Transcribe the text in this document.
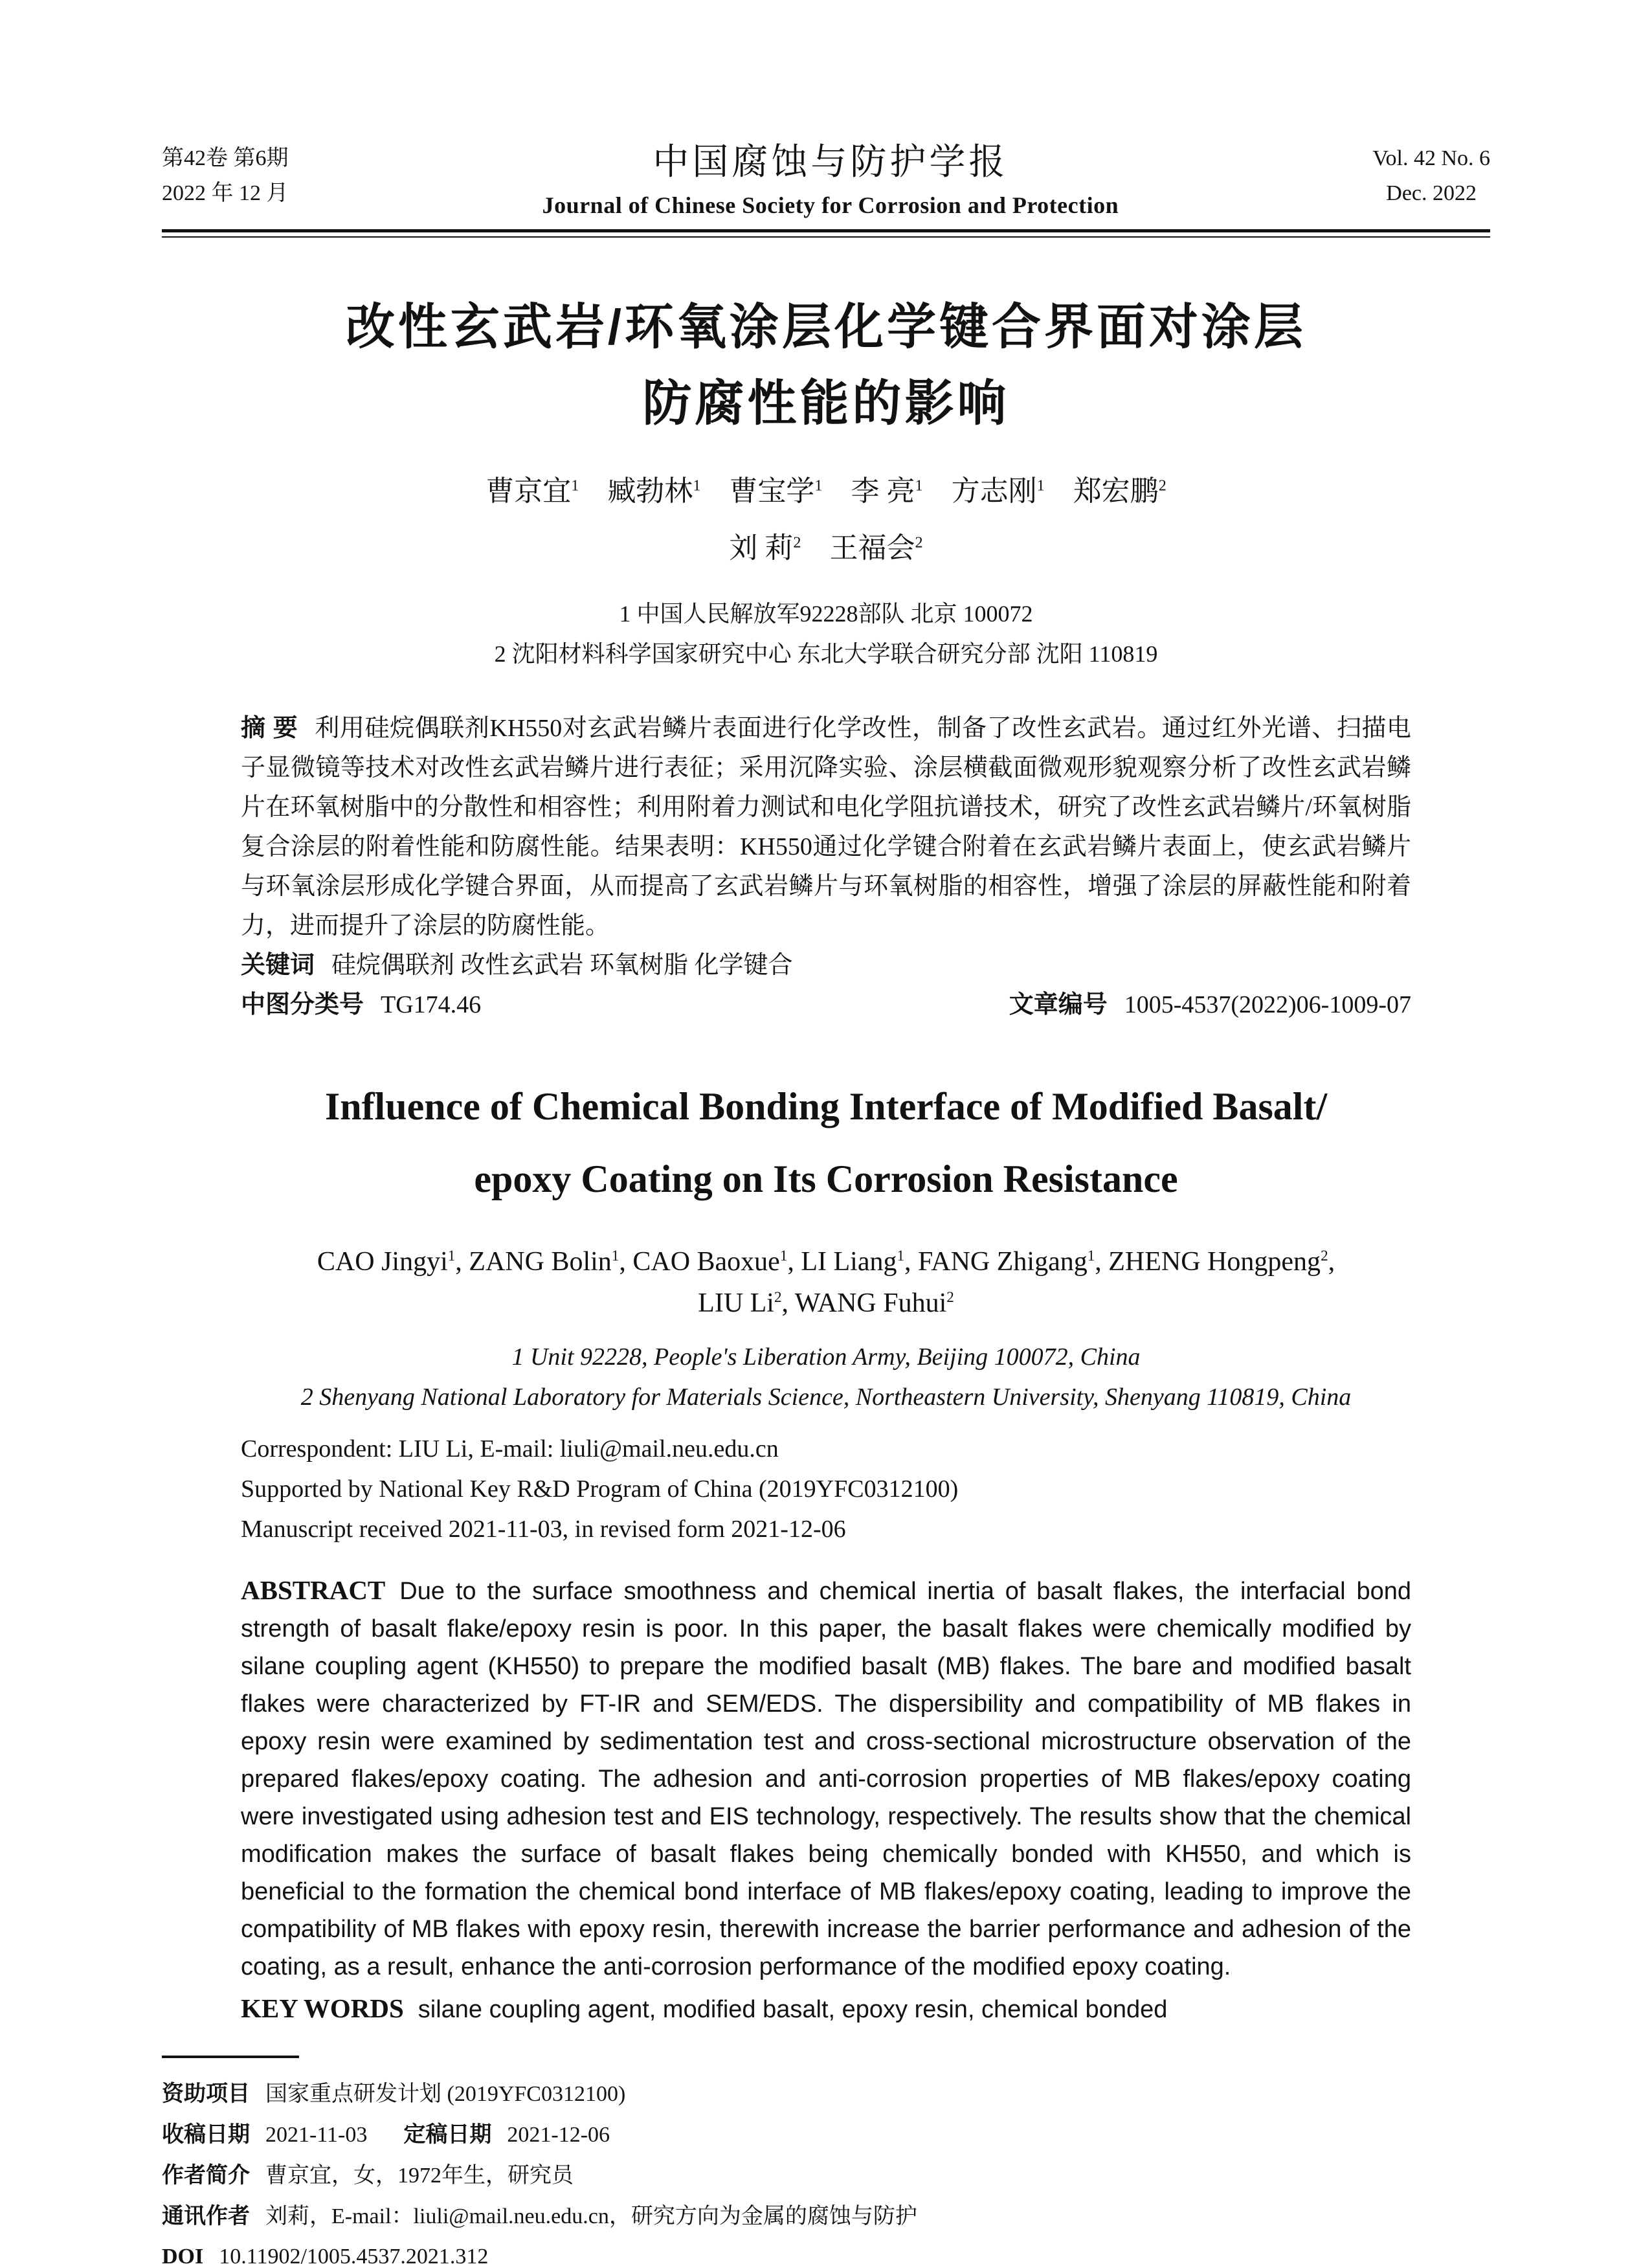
第42卷 第6期
2022 年 12 月
中国腐蚀与防护学报
Journal of Chinese Society for Corrosion and Protection
Vol. 42 No. 6
Dec. 2022
改性玄武岩/环氧涂层化学键合界面对涂层
防腐性能的影响
曹京宜$^1$ 臧勃林$^1$ 曹宝学$^1$ 李 亮$^1$ 方志刚$^1$ 郑宏鹏$^2$
刘 莉$^2$ 王福会$^2$
1 中国人民解放军92228部队 北京 100072
2 沈阳材料科学国家研究中心 东北大学联合研究分部 沈阳 110819
摘 要 利用硅烷偶联剂KH550对玄武岩鳞片表面进行化学改性，制备了改性玄武岩。通过红外光谱、扫描电子显微镜等技术对改性玄武岩鳞片进行表征；采用沉降实验、涂层横截面微观形貌观察分析了改性玄武岩鳞片在环氧树脂中的分散性和相容性；利用附着力测试和电化学阻抗谱技术，研究了改性玄武岩鳞片/环氧树脂复合涂层的附着性能和防腐性能。结果表明：KH550通过化学键合附着在玄武岩鳞片表面上，使玄武岩鳞片与环氧涂层形成化学键合界面，从而提高了玄武岩鳞片与环氧树脂的相容性，增强了涂层的屏蔽性能和附着力，进而提升了涂层的防腐性能。
关键词 硅烷偶联剂 改性玄武岩 环氧树脂 化学键合
中图分类号 TG174.46	文章编号 1005-4537(2022)06-1009-07
Influence of Chemical Bonding Interface of Modified Basalt/
epoxy Coating on Its Corrosion Resistance
CAO Jingyi$^1$, ZANG Bolin$^1$, CAO Baoxue$^1$, LI Liang$^1$, FANG Zhigang$^1$, ZHENG Hongpeng$^2$,
LIU Li$^2$, WANG Fuhui$^2$
1 Unit 92228, People's Liberation Army, Beijing 100072, China
2 Shenyang National Laboratory for Materials Science, Northeastern University, Shenyang 110819, China
Correspondent: LIU Li, E-mail: liuli@mail.neu.edu.cn
Supported by National Key R&D Program of China (2019YFC0312100)
Manuscript received 2021-11-03, in revised form 2021-12-06
ABSTRACT Due to the surface smoothness and chemical inertia of basalt flakes, the interfacial bond strength of basalt flake/epoxy resin is poor. In this paper, the basalt flakes were chemically modified by silane coupling agent (KH550) to prepare the modified basalt (MB) flakes. The bare and modified basalt flakes were characterized by FT-IR and SEM/EDS. The dispersibility and compatibility of MB flakes in epoxy resin were examined by sedimentation test and cross-sectional microstructure observation of the prepared flakes/epoxy coating. The adhesion and anti-corrosion properties of MB flakes/epoxy coating were investigated using adhesion test and EIS technology, respectively. The results show that the chemical modification makes the surface of basalt flakes being chemically bonded with KH550, and which is beneficial to the formation the chemical bond interface of MB flakes/epoxy coating, leading to improve the compatibility of MB flakes with epoxy resin, therewith increase the barrier performance and adhesion of the coating, as a result, enhance the anti-corrosion performance of the modified epoxy coating.
KEY WORDS silane coupling agent, modified basalt, epoxy resin, chemical bonded
资助项目 国家重点研发计划 (2019YFC0312100)
收稿日期 2021-11-03 定稿日期 2021-12-06
作者简介 曹京宜，女，1972年生，研究员
通讯作者 刘莉，E-mail：liuli@mail.neu.edu.cn，研究方向为金属的腐蚀与防护
DOI 10.11902/1005.4537.2021.312
